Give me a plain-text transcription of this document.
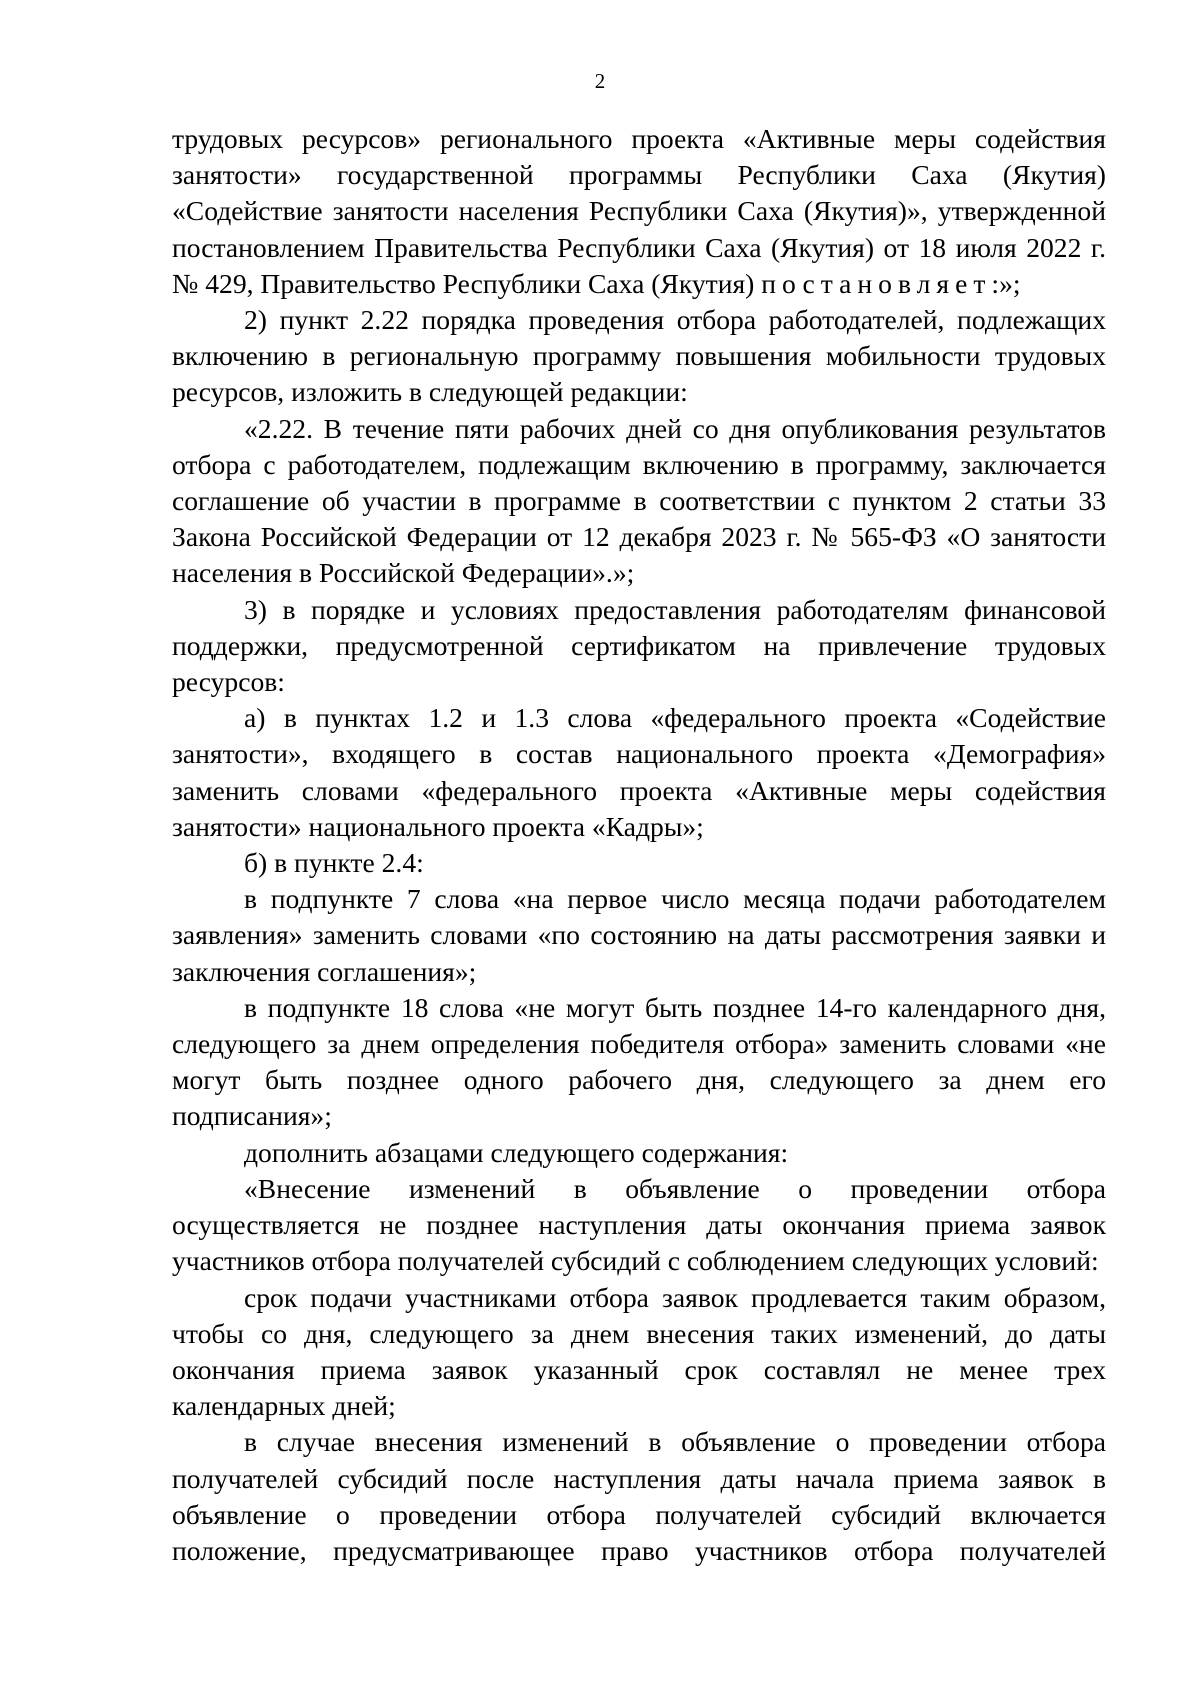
2

трудовых ресурсов» регионального проекта «Активные меры содействия занятости» государственной программы Республики Саха (Якутия) «Содействие занятости населения Республики Саха (Якутия)», утвержденной постановлением Правительства Республики Саха (Якутия) от 18 июля 2022 г. № 429, Правительство Республики Саха (Якутия) постановляет:»;

2) пункт 2.22 порядка проведения отбора работодателей, подлежащих включению в региональную программу повышения мобильности трудовых ресурсов, изложить в следующей редакции:

«2.22. В течение пяти рабочих дней со дня опубликования результатов отбора с работодателем, подлежащим включению в программу, заключается соглашение об участии в программе в соответствии с пунктом 2 статьи 33 Закона Российской Федерации от 12 декабря 2023 г. № 565-ФЗ «О занятости населения в Российской Федерации».»;

3) в порядке и условиях предоставления работодателям финансовой поддержки, предусмотренной сертификатом на привлечение трудовых ресурсов:

а) в пунктах 1.2 и 1.3 слова «федерального проекта «Содействие занятости», входящего в состав национального проекта «Демография» заменить словами «федерального проекта «Активные меры содействия занятости» национального проекта «Кадры»;

б) в пункте 2.4:

в подпункте 7 слова «на первое число месяца подачи работодателем заявления» заменить словами «по состоянию на даты рассмотрения заявки и заключения соглашения»;

в подпункте 18 слова «не могут быть позднее 14-го календарного дня, следующего за днем определения победителя отбора» заменить словами «не могут быть позднее одного рабочего дня, следующего за днем его подписания»;

дополнить абзацами следующего содержания:

«Внесение изменений в объявление о проведении отбора осуществляется не позднее наступления даты окончания приема заявок участников отбора получателей субсидий с соблюдением следующих условий:

срок подачи участниками отбора заявок продлевается таким образом, чтобы со дня, следующего за днем внесения таких изменений, до даты окончания приема заявок указанный срок составлял не менее трех календарных дней;

в случае внесения изменений в объявление о проведении отбора получателей субсидий после наступления даты начала приема заявок в объявление о проведении отбора получателей субсидий включается положение, предусматривающее право участников отбора получателей
